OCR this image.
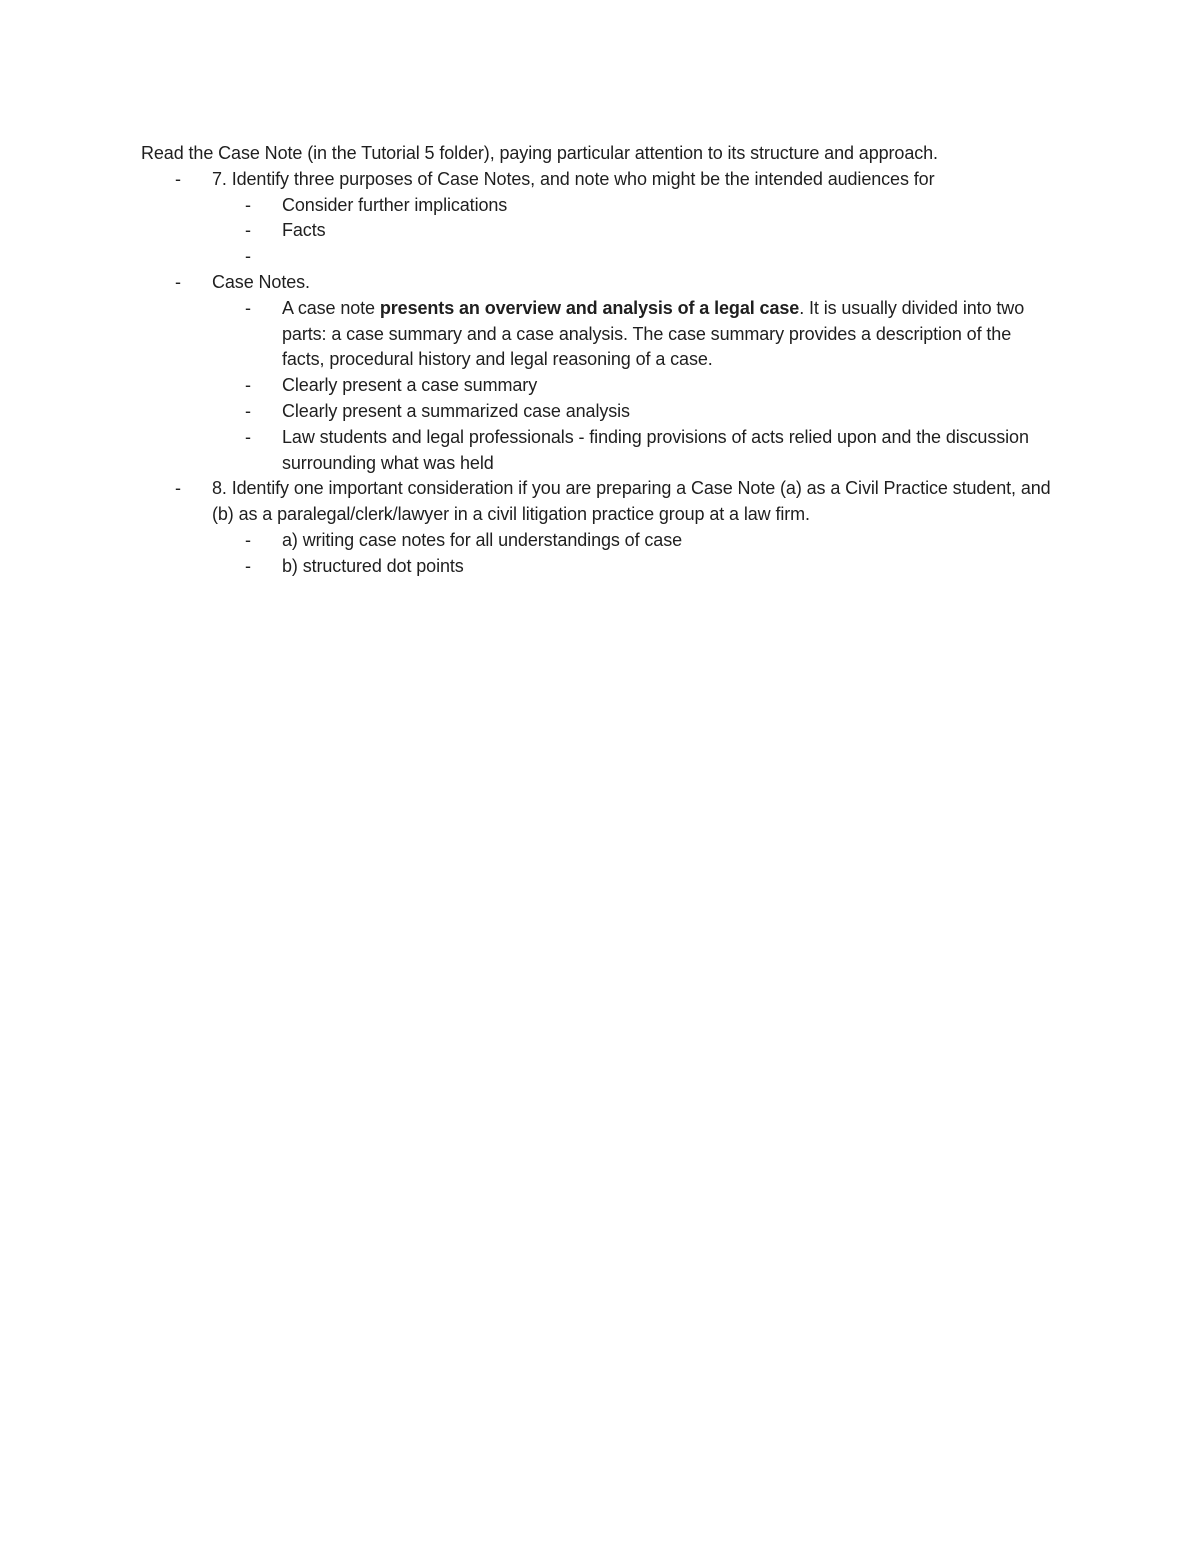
Read the Case Note (in the Tutorial 5 folder), paying particular attention to its structure and approach.

- 7. Identify three purposes of Case Notes, and note who might be the intended audiences for
- Consider further implications
- Facts
-
- Case Notes.
- A case note presents an overview and analysis of a legal case. It is usually divided into two parts: a case summary and a case analysis. The case summary provides a description of the facts, procedural history and legal reasoning of a case.
- Clearly present a case summary
- Clearly present a summarized case analysis
- Law students and legal professionals - finding provisions of acts relied upon and the discussion surrounding what was held
- 8. Identify one important consideration if you are preparing a Case Note (a) as a Civil Practice student, and (b) as a paralegal/clerk/lawyer in a civil litigation practice group at a law firm.
- a) writing case notes for all understandings of case
- b) structured dot points
